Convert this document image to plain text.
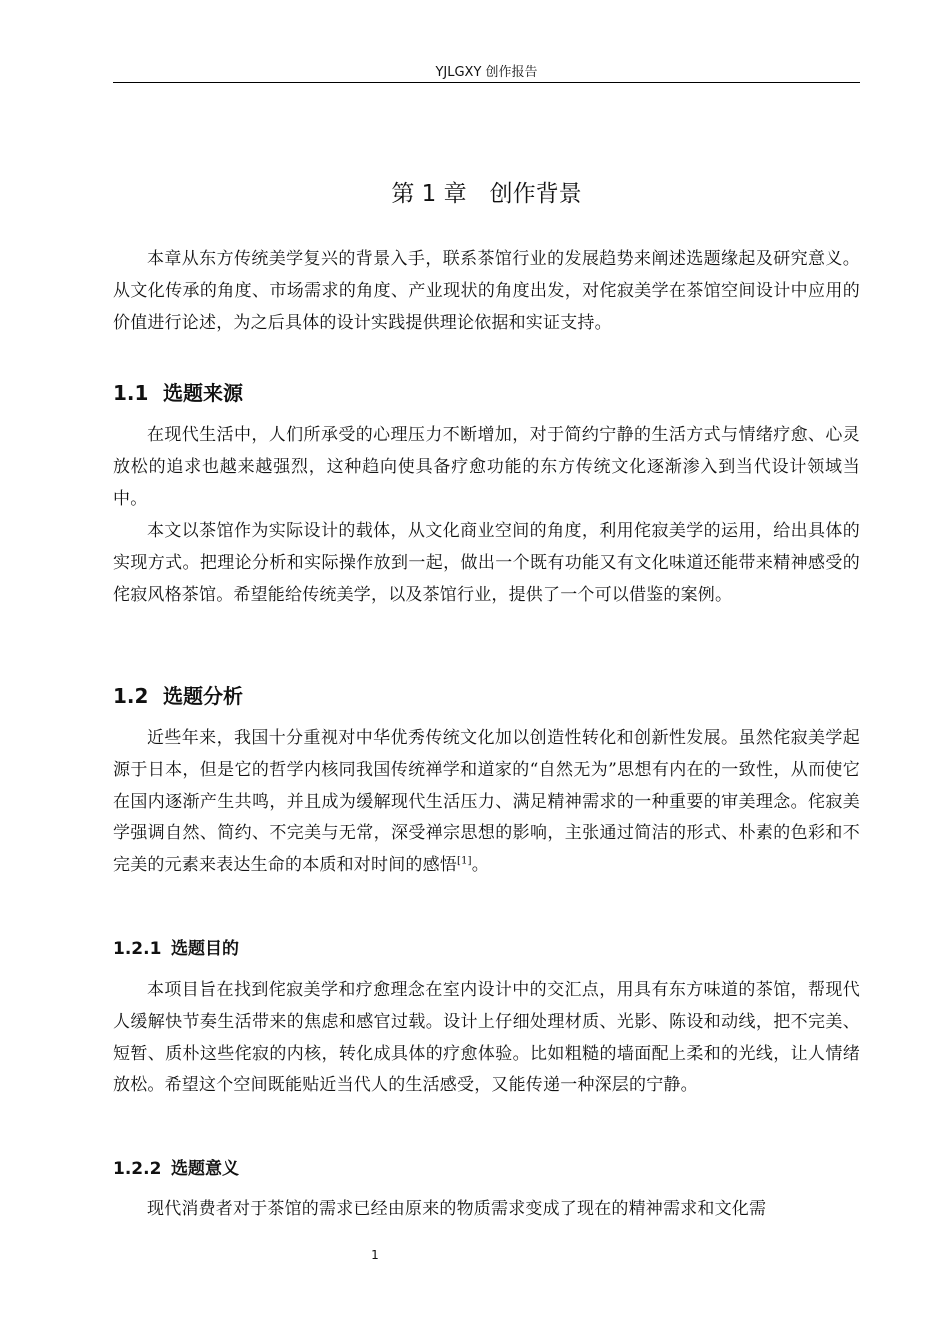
YJLGXY 创作报告
第 1 章　创作背景

本章从东方传统美学复兴的背景入手，联系茶馆行业的发展趋势来阐述选题缘起及研究意义。从文化传承的角度、市场需求的角度、产业现状的角度出发，对侘寂美学在茶馆空间设计中应用的价值进行论述，为之后具体的设计实践提供理论依据和实证支持。

1.1 选题来源

在现代生活中，人们所承受的心理压力不断增加，对于简约宁静的生活方式与情绪疗愈、心灵放松的追求也越来越强烈，这种趋向使具备疗愈功能的东方传统文化逐渐渗入到当代设计领域当中。

本文以茶馆作为实际设计的载体，从文化商业空间的角度，利用侘寂美学的运用，给出具体的实现方式。把理论分析和实际操作放到一起，做出一个既有功能又有文化味道还能带来精神感受的侘寂风格茶馆。希望能给传统美学，以及茶馆行业，提供了一个可以借鉴的案例。

1.2 选题分析

近些年来，我国十分重视对中华优秀传统文化加以创造性转化和创新性发展。虽然侘寂美学起源于日本，但是它的哲学内核同我国传统禅学和道家的“自然无为”思想有内在的一致性，从而使它在国内逐渐产生共鸣，并且成为缓解现代生活压力、满足精神需求的一种重要的审美理念。侘寂美学强调自然、简约、不完美与无常，深受禅宗思想的影响，主张通过简洁的形式、朴素的色彩和不完美的元素来表达生命的本质和对时间的感悟[1]。

1.2.1 选题目的

本项目旨在找到侘寂美学和疗愈理念在室内设计中的交汇点，用具有东方味道的茶馆，帮现代人缓解快节奏生活带来的焦虑和感官过载。设计上仔细处理材质、光影、陈设和动线，把不完美、短暂、质朴这些侘寂的内核，转化成具体的疗愈体验。比如粗糙的墙面配上柔和的光线，让人情绪放松。希望这个空间既能贴近当代人的生活感受，又能传递一种深层的宁静。

1.2.2 选题意义

现代消费者对于茶馆的需求已经由原来的物质需求变成了现在的精神需求和文化需

1
